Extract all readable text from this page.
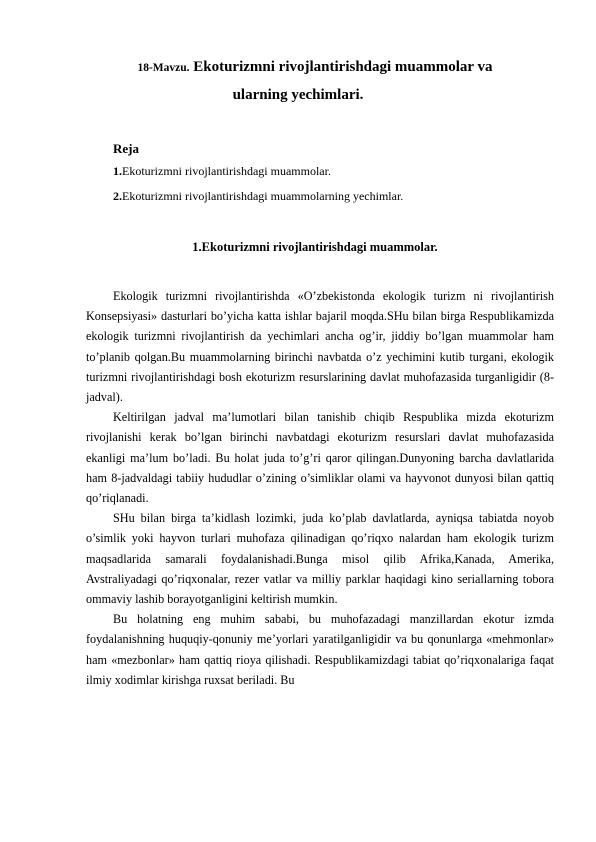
18-Mavzu. Ekoturizmni rivojlantirishdagi muammolar va
ularning yechimlari.
Reja
1.Ekoturizmni rivojlantirishdagi muammolar.
2.Ekoturizmni rivojlantirishdagi muammolarning yechimlar.
1.Ekoturizmni rivojlantirishdagi muammolar.

Ekologik turizmni rivojlantirishda «O’zbekistonda ekologik turizm ni rivojlantirish Konsepsiyasi» dasturlari bo’yicha katta ishlar bajaril moqda.SHu bilan birga Respublikamizda ekologik turizmni rivojlantirish da yechimlari ancha og’ir, jiddiy bo’lgan muammolar ham to’planib qolgan.Bu muammolarning birinchi navbatda o’z yechimini kutib turgani, ekologik turizmni rivojlantirishdagi bosh ekoturizm resurslarining davlat muhofazasida turganligidir (8-jadval).

Keltirilgan jadval ma’lumotlari bilan tanishib chiqib Respublika mizda ekoturizm rivojlanishi kerak bo’lgan birinchi navbatdagi ekoturizm resurslari davlat muhofazasida ekanligi ma’lum bo’ladi. Bu holat juda to’g’ri qaror qilingan.Dunyoning barcha davlatlarida ham 8-jadvaldagi tabiiy hududlar o’zining o’simliklar olami va hayvonot dunyosi bilan qattiq qo’riqlanadi.

SHu bilan birga ta’kidlash lozimki, juda ko’plab davlatlarda, ayniqsa tabiatda noyob o’simlik yoki hayvon turlari muhofaza qilinadigan qo’riqxo nalardan ham ekologik turizm maqsadlarida samarali foydalanishadi.Bunga misol qilib Afrika,Kanada, Amerika, Avstraliyadagi qo’riqxonalar, rezer vatlar va milliy parklar haqidagi kino seriallarning tobora ommaviy lashib borayotganligini keltirish mumkin.

Bu holatning eng muhim sababi, bu muhofazadagi manzillardan ekotur izmda foydalanishning huquqiy-qonuniy me’yorlari yaratilganligidir va bu qonunlarga «mehmonlar» ham «mezbonlar» ham qattiq rioya qilishadi. Respublikamizdagi tabiat qo’riqxonalariga faqat ilmiy xodimlar kirishga ruxsat beriladi. Bu
